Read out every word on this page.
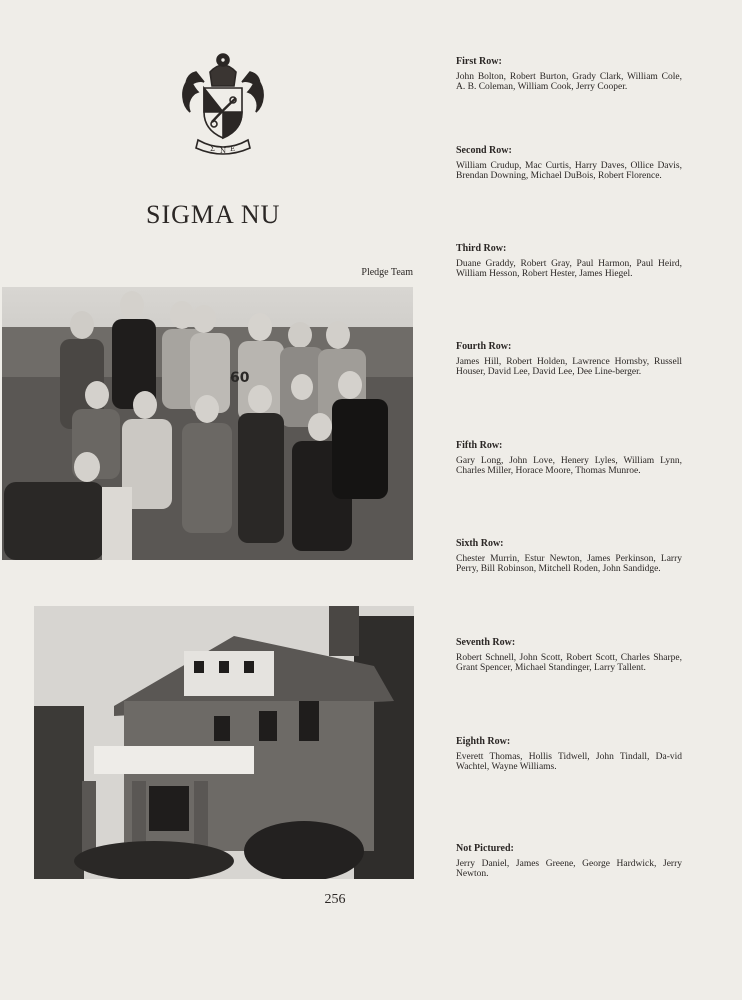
Σ Ν Ε
SIGMA NU
Pledge Team
60
256

First Row:

John Bolton, Robert Burton, Grady Clark, William Cole, A. B. Coleman, William Cook, Jerry Cooper.

Second Row:

William Crudup, Mac Curtis, Harry Daves, Ollice Davis, Brendan Downing, Michael DuBois, Robert Florence.

Third Row:

Duane Graddy, Robert Gray, Paul Harmon, Paul Heird, William Hesson, Robert Hester, James Hiegel.

Fourth Row:

James Hill, Robert Holden, Lawrence Hornsby, Russell Houser, David Lee, David Lee, Dee Line-berger.

Fifth Row:

Gary Long, John Love, Henery Lyles, William Lynn, Charles Miller, Horace Moore, Thomas Munroe.

Sixth Row:

Chester Murrin, Estur Newton, James Perkinson, Larry Perry, Bill Robinson, Mitchell Roden, John Sandidge.

Seventh Row:

Robert Schnell, John Scott, Robert Scott, Charles Sharpe, Grant Spencer, Michael Standinger, Larry Tallent.

Eighth Row:

Everett Thomas, Hollis Tidwell, John Tindall, Da-vid Wachtel, Wayne Williams.

Not Pictured:

Jerry Daniel, James Greene, George Hardwick, Jerry Newton.
